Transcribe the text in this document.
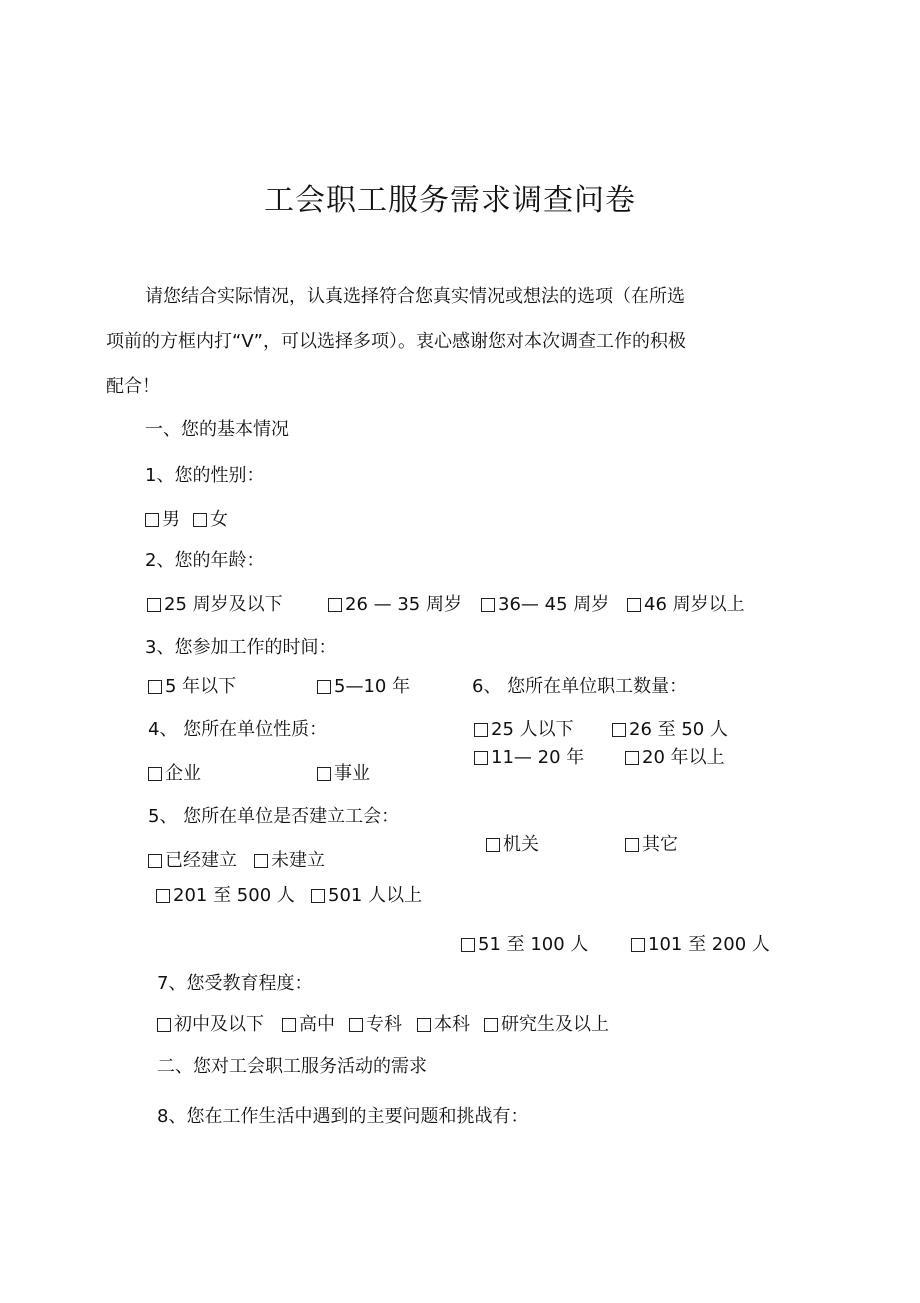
工会职工服务需求调查问卷
请您结合实际情况，认真选择符合您真实情况或想法的选项（在所选
项前的方框内打“V”，可以选择多项）。衷心感谢您对本次调查工作的积极
配合！
一、您的基本情况
1、您的性别：
男 女
2、您的年龄：
25 周岁及以下	26 — 35 周岁 36— 45 周岁 46 周岁以上
3、您参加工作的时间：
5 年以下	5—10 年
11— 20 年	20 年以上
6、 您所在单位职工数量：
4、 您所在单位性质：	25 人以下	26 至 50 人
企业	事业
5、 您所在单位是否建立工会：
机关	其它
已经建立 未建立
201 至 500 人 501 人以上
51 至 100 人	101 至 200 人
7、您受教育程度：
初中及以下 高中 专科 本科 研究生及以上
二、您对工会职工服务活动的需求
8、您在工作生活中遇到的主要问题和挑战有：
